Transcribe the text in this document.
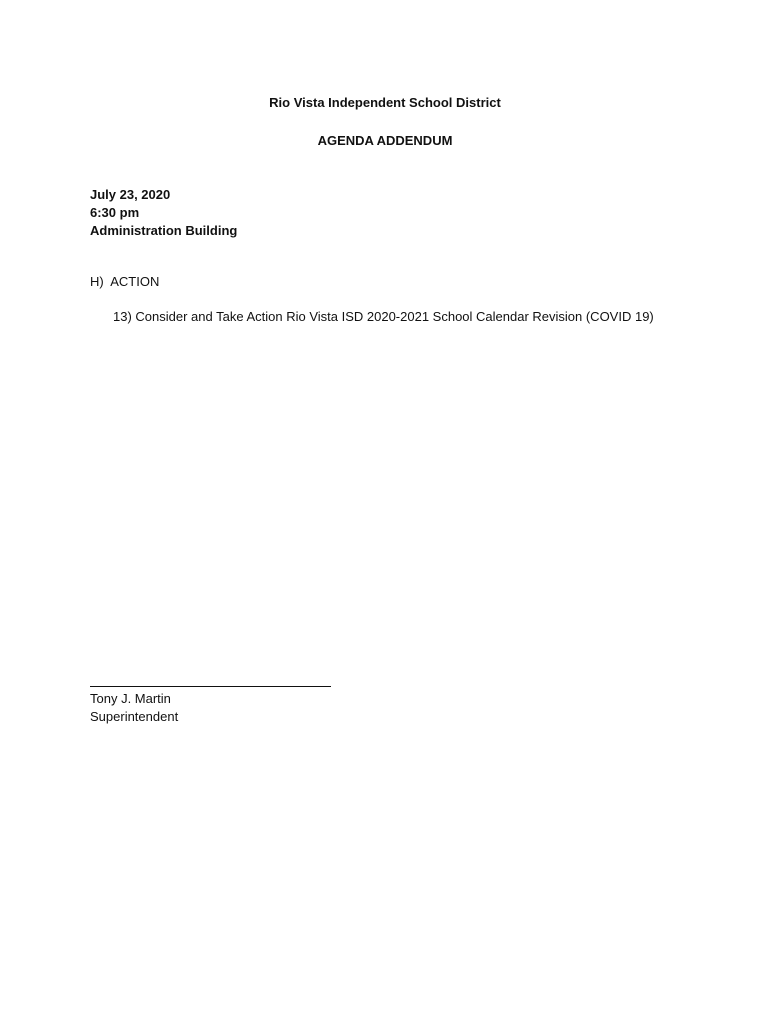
Rio Vista Independent School District
AGENDA ADDENDUM
July 23, 2020
6:30 pm
Administration Building
H)  ACTION
13) Consider and Take Action Rio Vista ISD 2020-2021 School Calendar Revision (COVID 19)
Tony J. Martin
Superintendent
